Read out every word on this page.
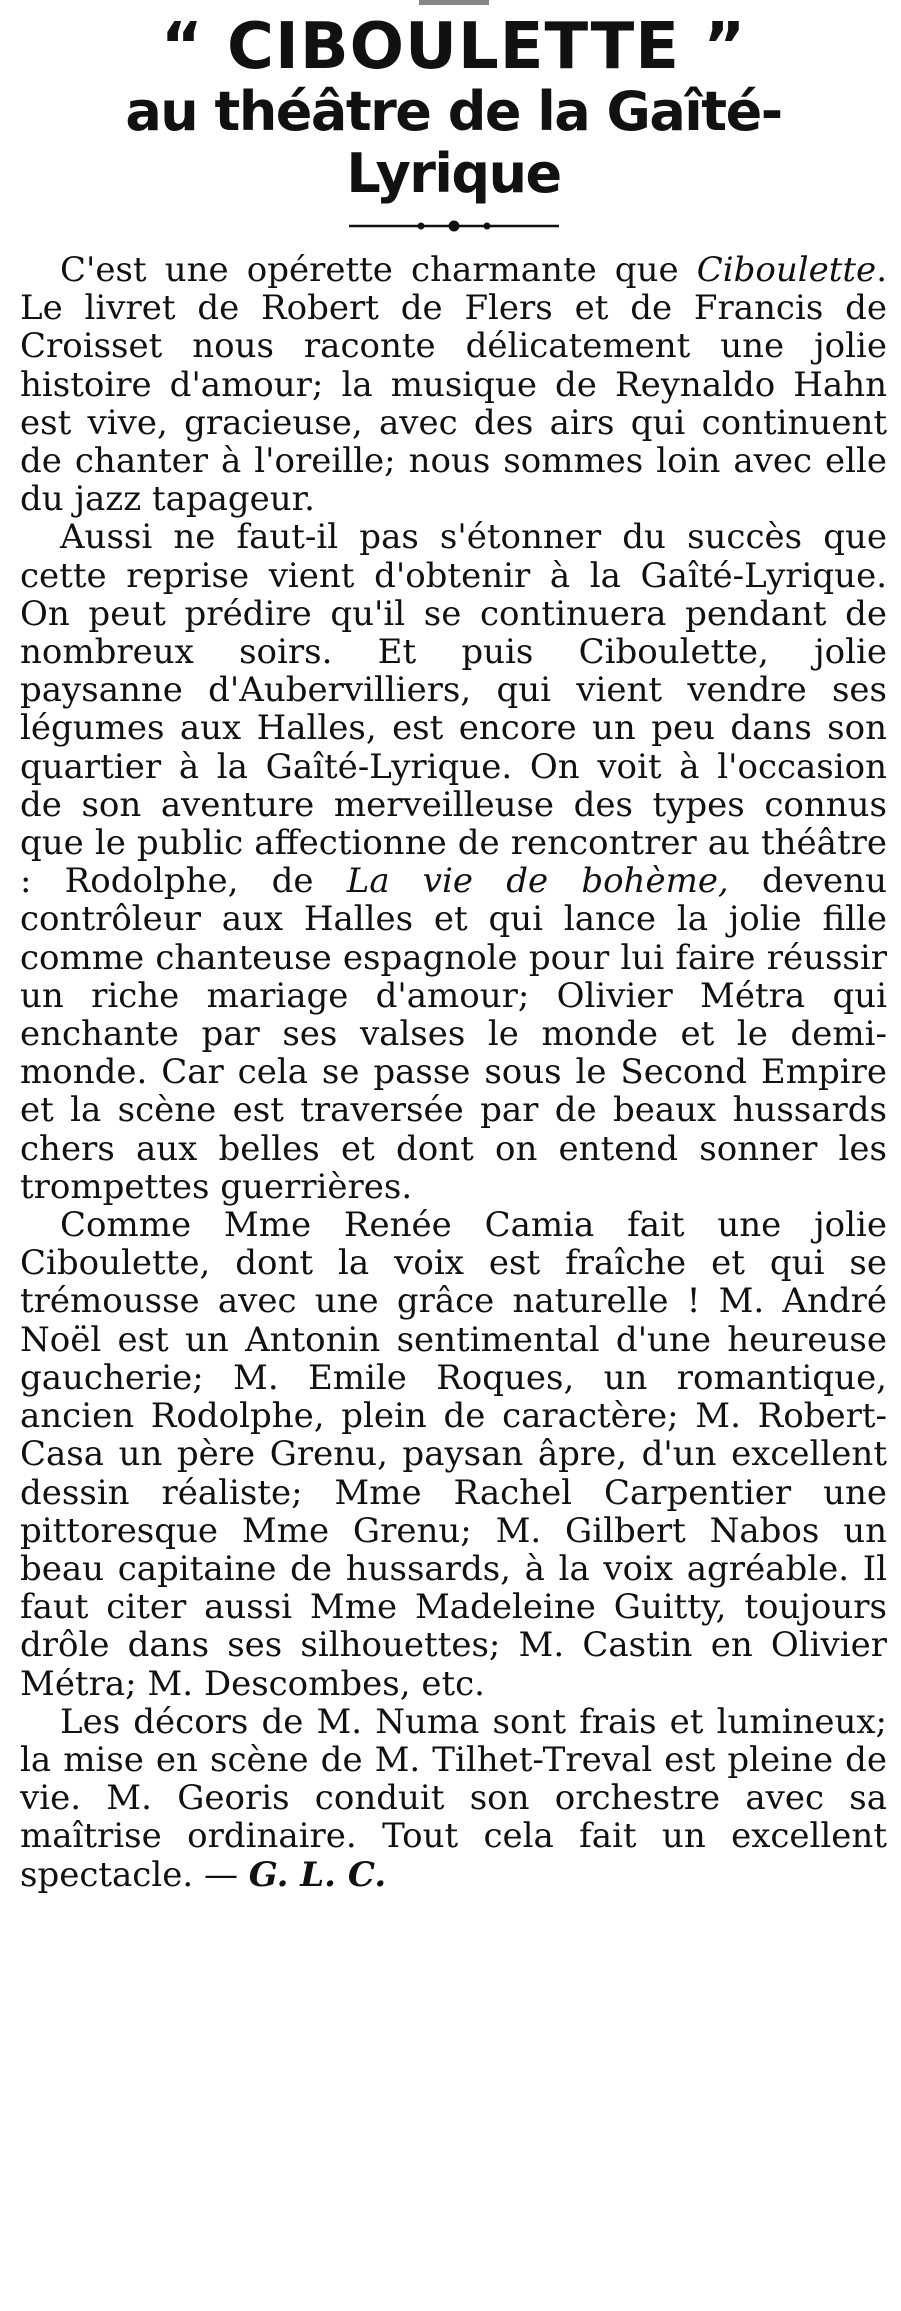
“ CIBOULETTE ”
au théâtre de la Gaîté-Lyrique

C'est une opérette charmante que Ciboulette. Le livret de Robert de Flers et de Francis de Croisset nous raconte délicatement une jolie histoire d'amour; la musique de Reynaldo Hahn est vive, gracieuse, avec des airs qui continuent de chanter à l'oreille; nous sommes loin avec elle du jazz tapageur.

Aussi ne faut-il pas s'étonner du succès que cette reprise vient d'obtenir à la Gaîté-Lyrique. On peut prédire qu'il se continuera pendant de nombreux soirs. Et puis Ciboulette, jolie paysanne d'Aubervilliers, qui vient vendre ses légumes aux Halles, est encore un peu dans son quartier à la Gaîté-Lyrique. On voit à l'occasion de son aventure merveilleuse des types connus que le public affectionne de rencontrer au théâtre : Rodolphe, de La vie de bohème, devenu contrôleur aux Halles et qui lance la jolie fille comme chanteuse espagnole pour lui faire réussir un riche mariage d'amour; Olivier Métra qui enchante par ses valses le monde et le demi-monde. Car cela se passe sous le Second Empire et la scène est traversée par de beaux hussards chers aux belles et dont on entend sonner les trompettes guerrières.

Comme Mme Renée Camia fait une jolie Ciboulette, dont la voix est fraîche et qui se trémousse avec une grâce naturelle ! M. André Noël est un Antonin sentimental d'une heureuse gaucherie; M. Emile Roques, un romantique, ancien Rodolphe, plein de caractère; M. Robert-Casa un père Grenu, paysan âpre, d'un excellent dessin réaliste; Mme Rachel Carpentier une pittoresque Mme Grenu; M. Gilbert Nabos un beau capitaine de hussards, à la voix agréable. Il faut citer aussi Mme Madeleine Guitty, toujours drôle dans ses silhouettes; M. Castin en Olivier Métra; M. Descombes, etc.

Les décors de M. Numa sont frais et lumineux; la mise en scène de M. Tilhet-Treval est pleine de vie. M. Georis conduit son orchestre avec sa maîtrise ordinaire. Tout cela fait un excellent spectacle. — G. L. C.
